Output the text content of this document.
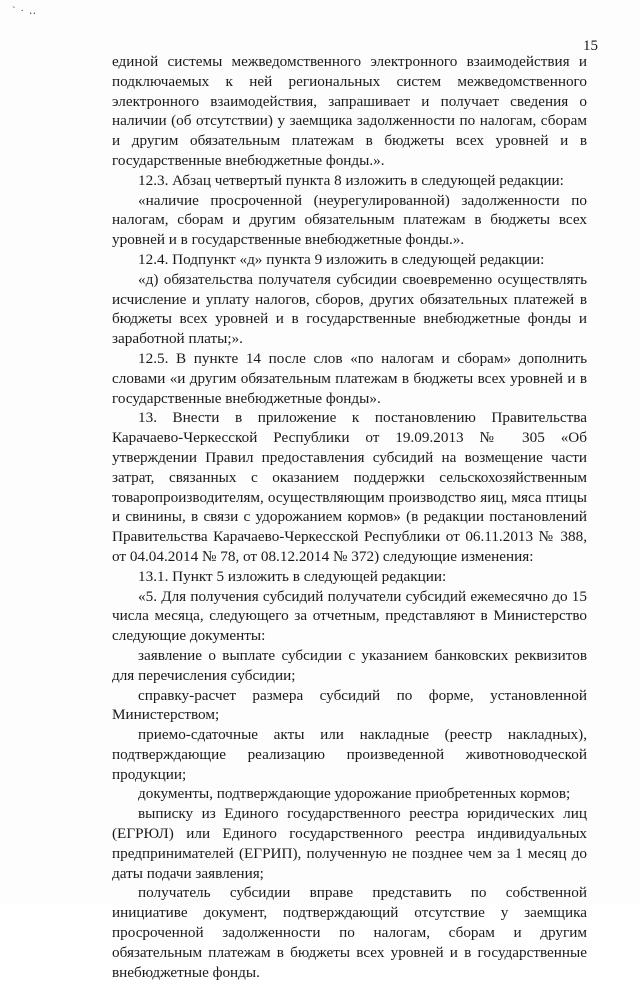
` · ‥
15

единой системы межведомственного электронного взаимодействия и подключаемых к ней региональных систем межведомственного электронного взаимодействия, запрашивает и получает сведения о наличии (об отсутствии) у заемщика задолженности по налогам, сборам и другим обязательным платежам в бюджеты всех уровней и в государственные внебюджетные фонды.».

12.3. Абзац четвертый пункта 8 изложить в следующей редакции:

«наличие просроченной (неурегулированной) задолженности по налогам, сборам и другим обязательным платежам в бюджеты всех уровней и в государственные внебюджетные фонды.».

12.4. Подпункт «д» пункта 9 изложить в следующей редакции:

«д) обязательства получателя субсидии своевременно осуществлять исчисление и уплату налогов, сборов, других обязательных платежей в бюджеты всех уровней и в государственные внебюджетные фонды и заработной платы;».

12.5. В пункте 14 после слов «по налогам и сборам» дополнить словами «и другим обязательным платежам в бюджеты всех уровней и в государственные внебюджетные фонды».

13. Внести в приложение к постановлению Правительства Карачаево-Черкесской Республики от 19.09.2013 № 305 «Об утверждении Правил предоставления субсидий на возмещение части затрат, связанных с оказанием поддержки сельскохозяйственным товаропроизводителям, осуществляющим производство яиц, мяса птицы и свинины, в связи с удорожанием кормов» (в редакции постановлений Правительства Карачаево-Черкесской Республики от 06.11.2013 № 388, от 04.04.2014 № 78, от 08.12.2014 № 372) следующие изменения:

13.1. Пункт 5 изложить в следующей редакции:

«5. Для получения субсидий получатели субсидий ежемесячно до 15 числа месяца, следующего за отчетным, представляют в Министерство следующие документы:

заявление о выплате субсидии с указанием банковских реквизитов для перечисления субсидии;

справку-расчет размера субсидий по форме, установленной Министерством;

приемо-сдаточные акты или накладные (реестр накладных), подтверждающие реализацию произведенной животноводческой продукции;

документы, подтверждающие удорожание приобретенных кормов;

выписку из Единого государственного реестра юридических лиц (ЕГРЮЛ) или Единого государственного реестра индивидуальных предпринимателей (ЕГРИП), полученную не позднее чем за 1 месяц до даты подачи заявления;

получатель субсидии вправе представить по собственной инициативе документ, подтверждающий отсутствие у заемщика просроченной задолженности по налогам, сборам и другим обязательным платежам в бюджеты всех уровней и в государственные внебюджетные фонды.
